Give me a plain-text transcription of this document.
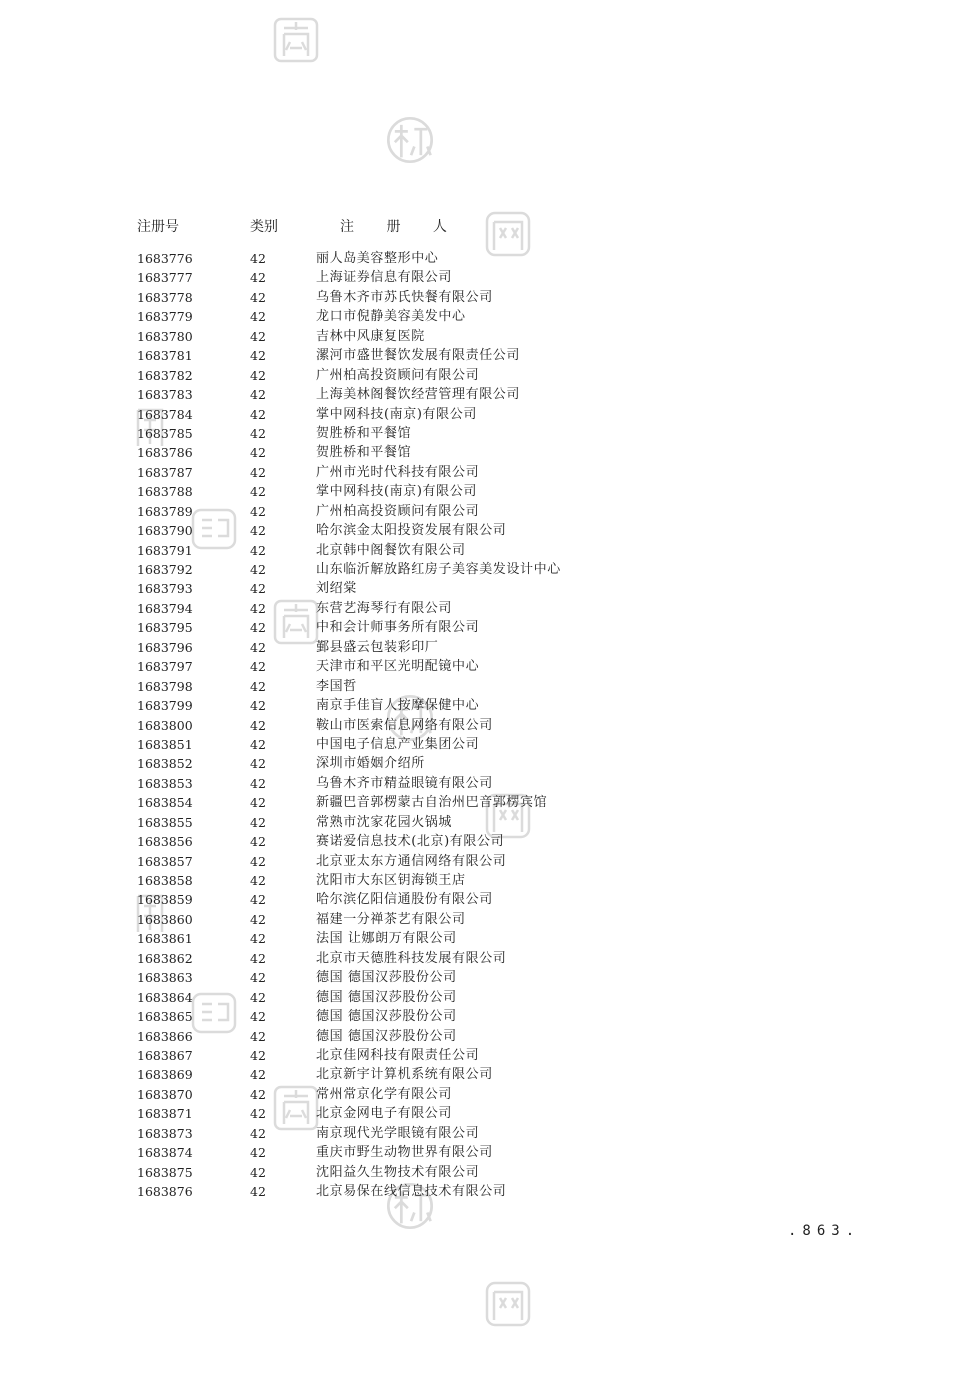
注册号	类别	注 册 人
1683776	42	丽人岛美容整形中心
1683777	42	上海证券信息有限公司
1683778	42	乌鲁木齐市苏氏快餐有限公司
1683779	42	龙口市倪静美容美发中心
1683780	42	吉林中风康复医院
1683781	42	漯河市盛世餐饮发展有限责任公司
1683782	42	广州柏高投资顾问有限公司
1683783	42	上海美林阁餐饮经营管理有限公司
1683784	42	掌中网科技(南京)有限公司
1683785	42	贺胜桥和平餐馆
1683786	42	贺胜桥和平餐馆
1683787	42	广州市光时代科技有限公司
1683788	42	掌中网科技(南京)有限公司
1683789	42	广州柏高投资顾问有限公司
1683790	42	哈尔滨金太阳投资发展有限公司
1683791	42	北京韩中阁餐饮有限公司
1683792	42	山东临沂解放路红房子美容美发设计中心
1683793	42	刘绍棠
1683794	42	东营艺海琴行有限公司
1683795	42	中和会计师事务所有限公司
1683796	42	鄞县盛云包装彩印厂
1683797	42	天津市和平区光明配镜中心
1683798	42	李国哲
1683799	42	南京手佳盲人按摩保健中心
1683800	42	鞍山市医索信息网络有限公司
1683851	42	中国电子信息产业集团公司
1683852	42	深圳市婚姻介绍所
1683853	42	乌鲁木齐市精益眼镜有限公司
1683854	42	新疆巴音郭楞蒙古自治州巴音郭楞宾馆
1683855	42	常熟市沈家花园火锅城
1683856	42	赛诺爱信息技术(北京)有限公司
1683857	42	北京亚太东方通信网络有限公司
1683858	42	沈阳市大东区钥海锁王店
1683859	42	哈尔滨亿阳信通股份有限公司
1683860	42	福建一分禅茶艺有限公司
1683861	42	法国 让娜朗万有限公司
1683862	42	北京市天德胜科技发展有限公司
1683863	42	德国 德国汉莎股份公司
1683864	42	德国 德国汉莎股份公司
1683865	42	德国 德国汉莎股份公司
1683866	42	德国 德国汉莎股份公司
1683867	42	北京佳网科技有限责任公司
1683869	42	北京新宇计算机系统有限公司
1683870	42	常州常京化学有限公司
1683871	42	北京金网电子有限公司
1683873	42	南京现代光学眼镜有限公司
1683874	42	重庆市野生动物世界有限公司
1683875	42	沈阳益久生物技术有限公司
1683876	42	北京易保在线信息技术有限公司
.863.
